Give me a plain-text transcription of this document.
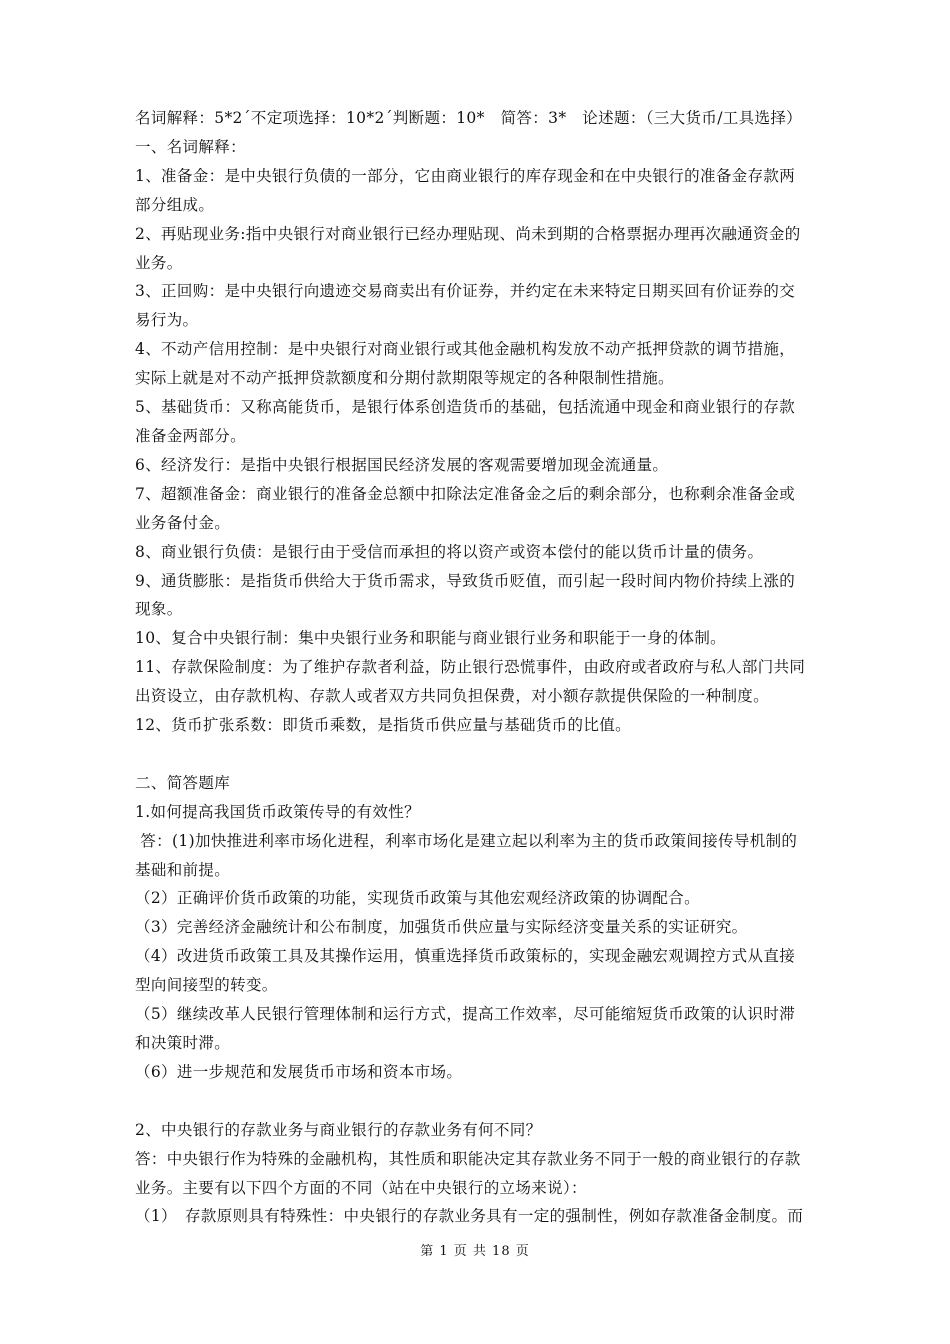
名词解释：5*2´不定项选择：10*2´判断题：10*　简答：3*　论述题：（三大货币/工具选择）
一、名词解释：
1、准备金：是中央银行负债的一部分，它由商业银行的库存现金和在中央银行的准备金存款两
部分组成。
2、再贴现业务:指中央银行对商业银行已经办理贴现、尚未到期的合格票据办理再次融通资金的
业务。
3、正回购：是中央银行向遗迹交易商卖出有价证券，并约定在未来特定日期买回有价证券的交
易行为。
4、不动产信用控制：是中央银行对商业银行或其他金融机构发放不动产抵押贷款的调节措施，
实际上就是对不动产抵押贷款额度和分期付款期限等规定的各种限制性措施。
5、基础货币：又称高能货币，是银行体系创造货币的基础，包括流通中现金和商业银行的存款
准备金两部分。
6、经济发行：是指中央银行根据国民经济发展的客观需要增加现金流通量。
7、超额准备金：商业银行的准备金总额中扣除法定准备金之后的剩余部分，也称剩余准备金或
业务备付金。
8、商业银行负债：是银行由于受信而承担的将以资产或资本偿付的能以货币计量的债务。
9、通货膨胀：是指货币供给大于货币需求，导致货币贬值，而引起一段时间内物价持续上涨的
现象。
10、复合中央银行制：集中央银行业务和职能与商业银行业务和职能于一身的体制。
11、存款保险制度：为了维护存款者利益，防止银行恐慌事件，由政府或者政府与私人部门共同
出资设立，由存款机构、存款人或者双方共同负担保费，对小额存款提供保险的一种制度。
12、货币扩张系数：即货币乘数，是指货币供应量与基础货币的比值。
二、简答题库
1.如何提高我国货币政策传导的有效性？
答：(1)加快推进利率市场化进程，利率市场化是建立起以利率为主的货币政策间接传导机制的
基础和前提。
（2）正确评价货币政策的功能，实现货币政策与其他宏观经济政策的协调配合。
（3）完善经济金融统计和公布制度，加强货币供应量与实际经济变量关系的实证研究。
（4）改进货币政策工具及其操作运用，慎重选择货币政策标的，实现金融宏观调控方式从直接
型向间接型的转变。
（5）继续改革人民银行管理体制和运行方式，提高工作效率，尽可能缩短货币政策的认识时滞
和决策时滞。
（6）进一步规范和发展货币市场和资本市场。
2、中央银行的存款业务与商业银行的存款业务有何不同？
答：中央银行作为特殊的金融机构，其性质和职能决定其存款业务不同于一般的商业银行的存款
业务。主要有以下四个方面的不同（站在中央银行的立场来说）：
（1）　存款原则具有特殊性：中央银行的存款业务具有一定的强制性，例如存款准备金制度。而
第 1 页 共 18 页
